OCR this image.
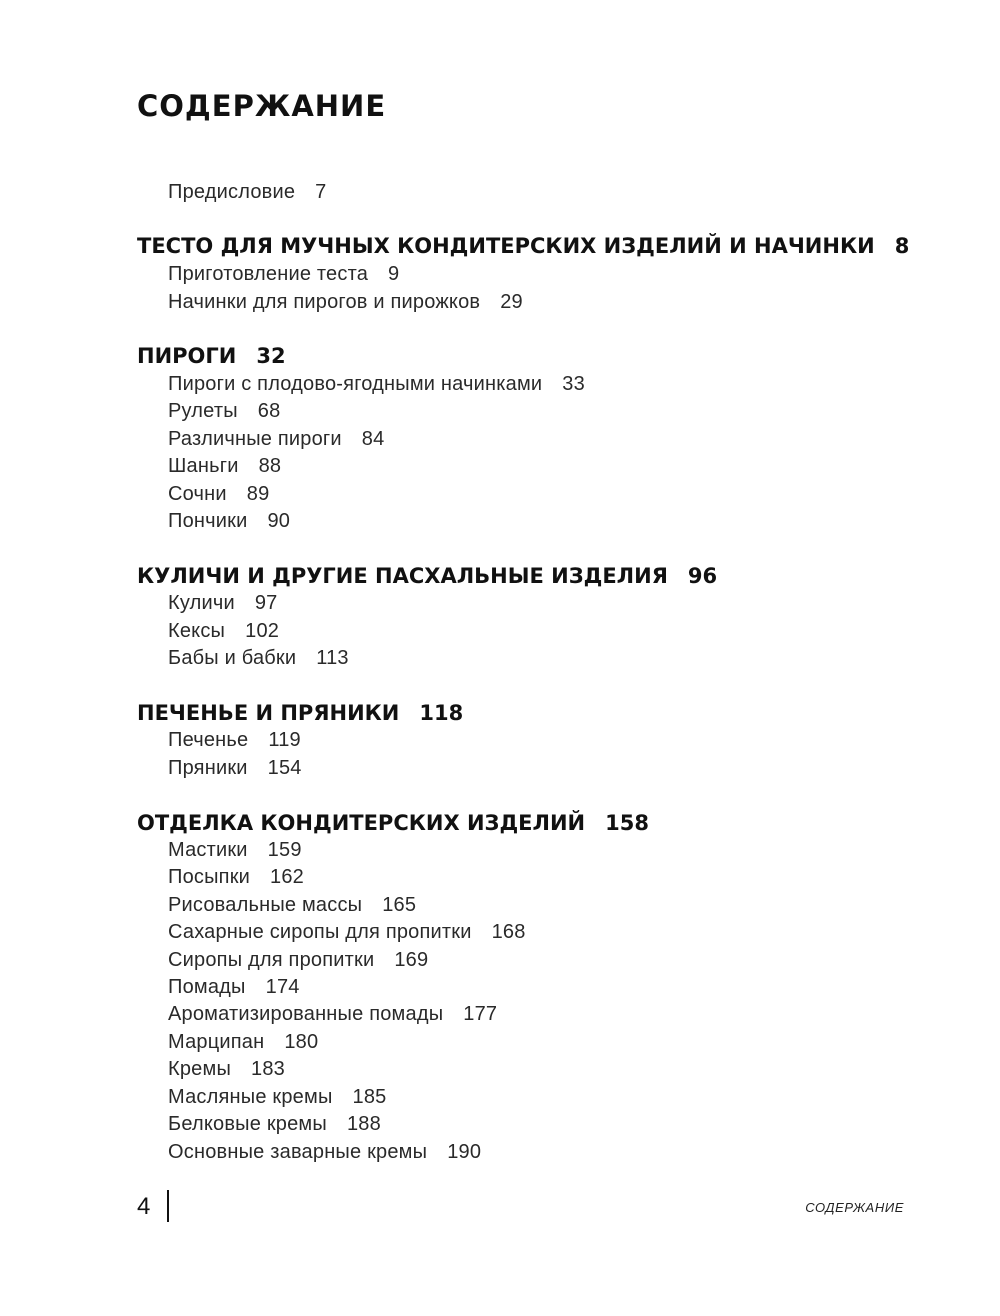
СОДЕРЖАНИЕ
Предисловие 7
ТЕСТО ДЛЯ МУЧНЫХ КОНДИТЕРСКИХ ИЗДЕЛИЙ И НАЧИНКИ 8
Приготовление теста 9
Начинки для пирогов и пирожков 29
ПИРОГИ 32
Пироги с плодово-ягодными начинками 33
Рулеты 68
Различные пироги 84
Шаньги 88
Сочни 89
Пончики 90
КУЛИЧИ И ДРУГИЕ ПАСХАЛЬНЫЕ ИЗДЕЛИЯ 96
Куличи 97
Кексы 102
Бабы и бабки 113
ПЕЧЕНЬЕ И ПРЯНИКИ 118
Печенье 119
Пряники 154
ОТДЕЛКА КОНДИТЕРСКИХ ИЗДЕЛИЙ 158
Мастики 159
Посыпки 162
Рисовальные массы 165
Сахарные сиропы для пропитки 168
Сиропы для пропитки 169
Помады 174
Ароматизированные помады 177
Марципан 180
Кремы 183
Масляные кремы 185
Белковые кремы 188
Основные заварные кремы 190
4	СОДЕРЖАНИЕ
